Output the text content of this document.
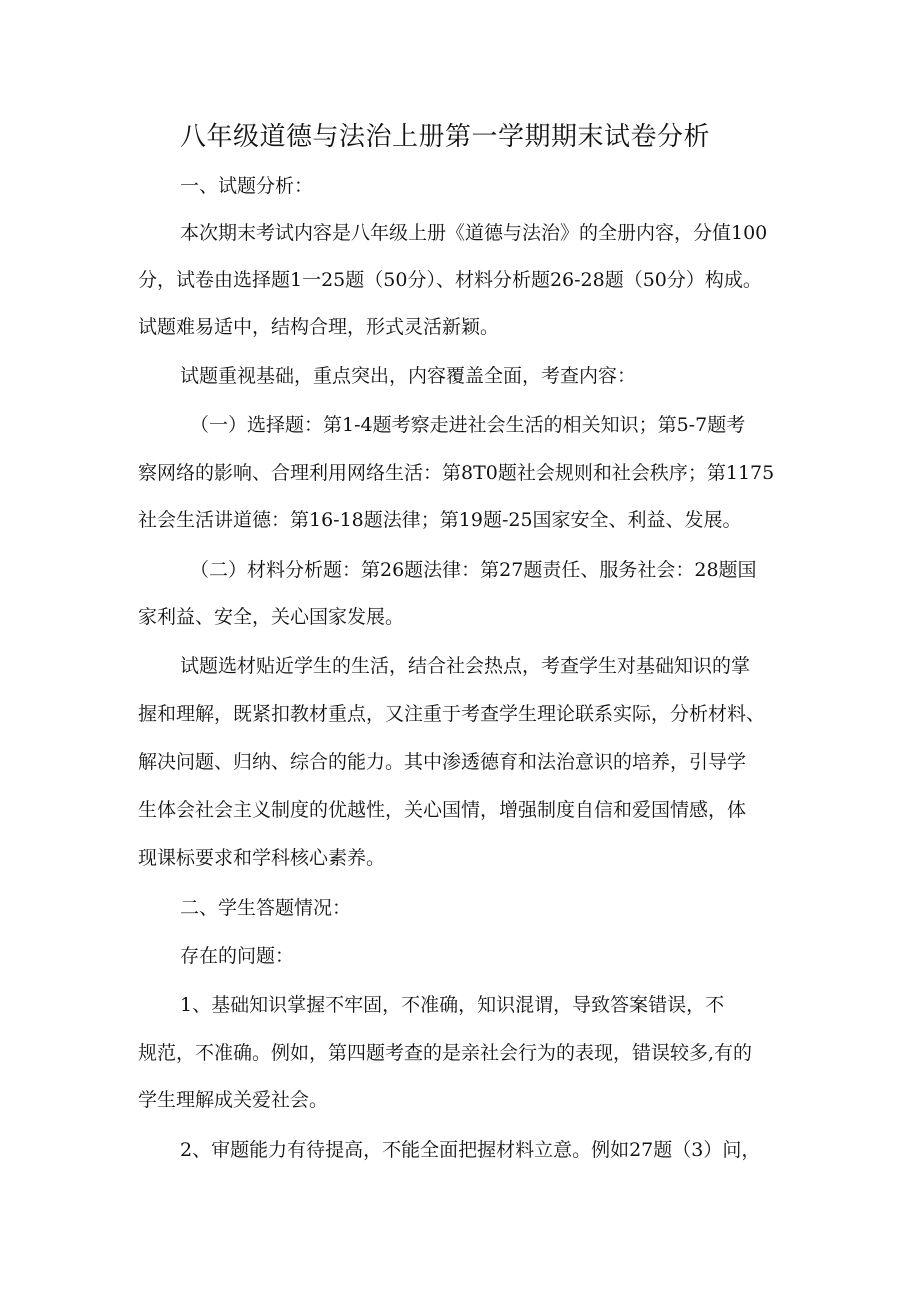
八年级道德与法治上册第一学期期末试卷分析
一、试题分析：
本次期末考试内容是八年级上册《道德与法治》的全册内容，分值100
分，试卷由选择题1一25题（50分）、材料分析题26-28题（50分）构成。
试题难易适中，结构合理，形式灵活新颖。
试题重视基础，重点突出，内容覆盖全面，考查内容：
（一）选择题：第1-4题考察走进社会生活的相关知识；第5-7题考
察网络的影响、合理利用网络生活：第8T0题社会规则和社会秩序；第1175
社会生活讲道德：第16-18题法律；第19题-25国家安全、利益、发展。
（二）材料分析题：第26题法律：第27题责任、服务社会：28题国
家利益、安全，关心国家发展。
试题选材贴近学生的生活，结合社会热点，考查学生对基础知识的掌
握和理解，既紧扣教材重点，又注重于考查学生理论联系实际，分析材料、
解决问题、归纳、综合的能力。其中渗透德育和法治意识的培养，引导学
生体会社会主义制度的优越性，关心国情，增强制度自信和爱国情感，体
现课标要求和学科核心素养。
二、学生答题情况：
存在的问题：
1、基础知识掌握不牢固，不准确，知识混谓，导致答案错误，不
规范，不准确。例如，第四题考查的是亲社会行为的表现，错误较多,有的
学生理解成关爱社会。
2、审题能力有待提高，不能全面把握材料立意。例如27题（3）问，
